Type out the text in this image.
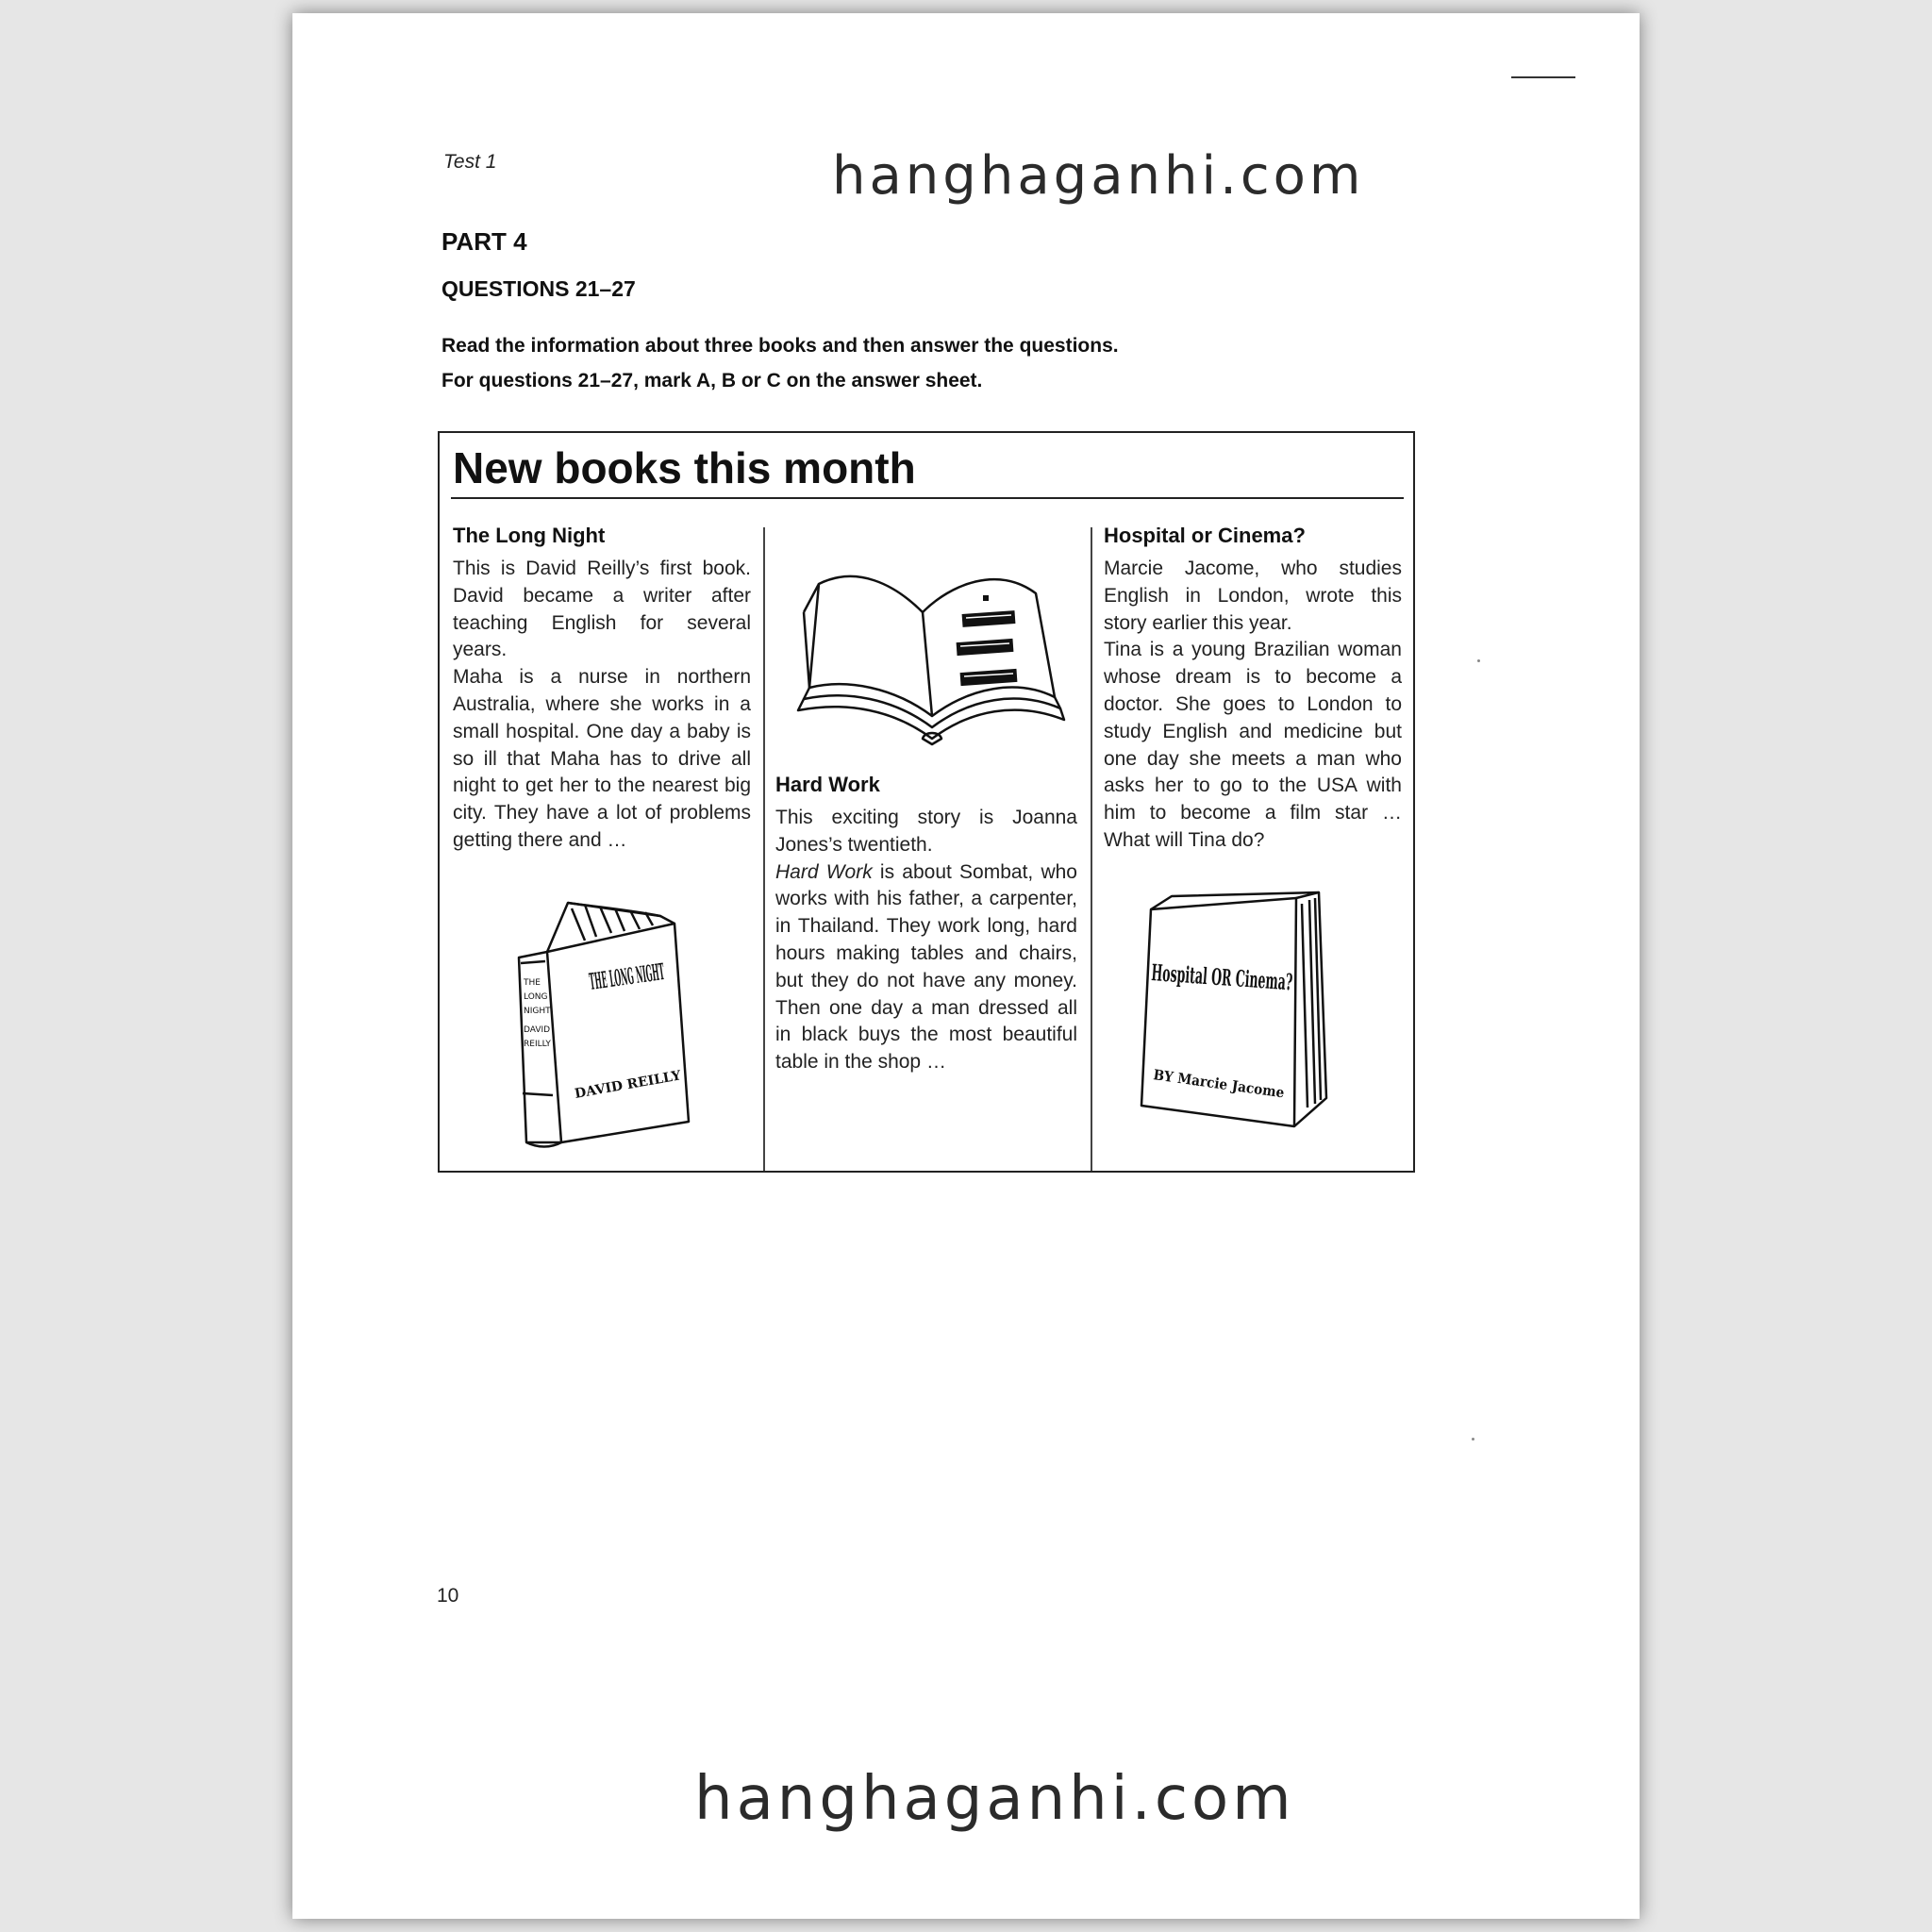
Test 1	hanghaganhi.com
PART 4
QUESTIONS 21–27
Read the information about three books and then answer the questions.
For questions 21–27, mark A, B or C on the answer sheet.
New books this month
The Long Night

This is David Reilly’s first book. David became a writer after teaching English for several years.

Maha is a nurse in northern Australia, where she works in a small hospital. One day a baby is so ill that Maha has to drive all night to get her to the nearest big city. They have a lot of problems getting there and …

THE LONG NIGHT
DAVID REILLY
THE
LONG
NIGHT
DAVID
REILLY
Hard Work

This exciting story is Joanna Jones’s twentieth.

Hard Work is about Sombat, who works with his father, a carpenter, in Thailand. They work long, hard hours making tables and chairs, but they do not have any money. Then one day a man dressed all in black buys the most beautiful table in the shop …

Hospital or Cinema?

Marcie Jacome, who studies English in London, wrote this story earlier this year.

Tina is a young Brazilian woman whose dream is to become a doctor. She goes to London to study English and medicine but one day she meets a man who asks her to go to the USA with him to become a film star … What will Tina do?

Hospital OR Cinema?
BY Marcie Jacome
10
hanghaganhi.com
